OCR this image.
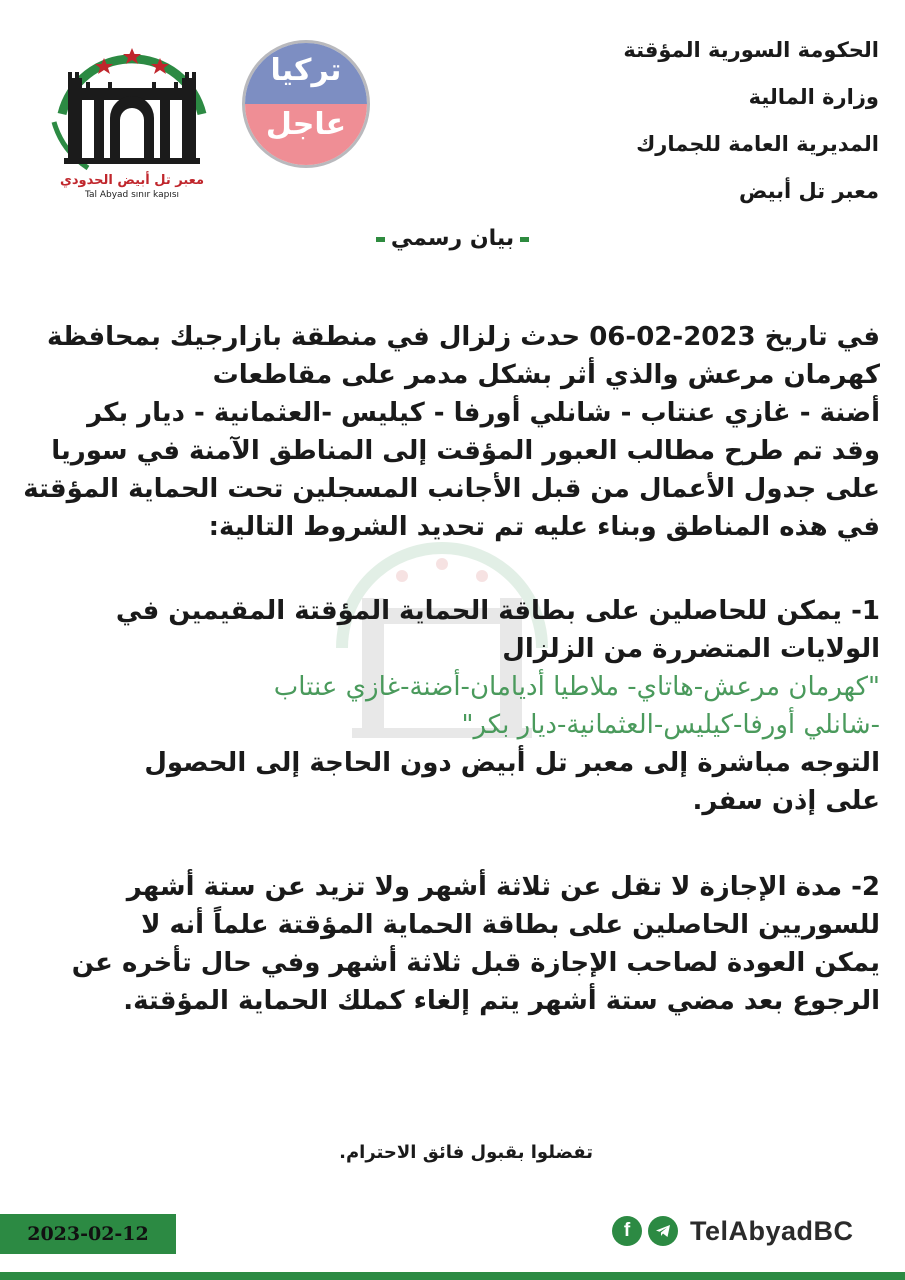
معبر تل أبيض الحدودي
Tal Abyad sınır kapısı
تركيا
عاجل
الحكومة السورية المؤقتة
وزارة المالية
المديرية العامة للجمارك
معبر تل أبيض
بيان رسمي
في تاريخ 2023-02-06 حدث زلزال في منطقة بازارجيك بمحافظة
كهرمان مرعش والذي أثر بشكل مدمر على مقاطعات
أضنة - غازي عنتاب - شانلي أورفا - كيليس -العثمانية - ديار بكر
وقد تم طرح مطالب العبور المؤقت إلى المناطق الآمنة في سوريا
على جدول الأعمال من قبل الأجانب المسجلين تحت الحماية المؤقتة
في هذه المناطق وبناء عليه تم تحديد الشروط التالية:
1- يمكن للحاصلين على بطاقة الحماية المؤقتة المقيمين في
الولايات المتضررة من الزلزال
"كهرمان مرعش-هاتاي- ملاطيا أديامان-أضنة-غازي عنتاب
-شانلي أورفا-كيليس-العثمانية-ديار بكر"
التوجه مباشرة إلى معبر تل أبيض دون الحاجة إلى الحصول
على إذن سفر.
2- مدة الإجازة لا تقل عن ثلاثة أشهر ولا تزيد عن ستة أشهر
للسوريين الحاصلين على بطاقة الحماية المؤقتة علماً أنه لا
يمكن العودة لصاحب الإجازة قبل ثلاثة أشهر وفي حال تأخره عن
الرجوع بعد مضي ستة أشهر يتم إلغاء كملك الحماية المؤقتة.
تفضلوا بقبول فائق الاحترام.
2023-02-12	f	TelAbyadBC
